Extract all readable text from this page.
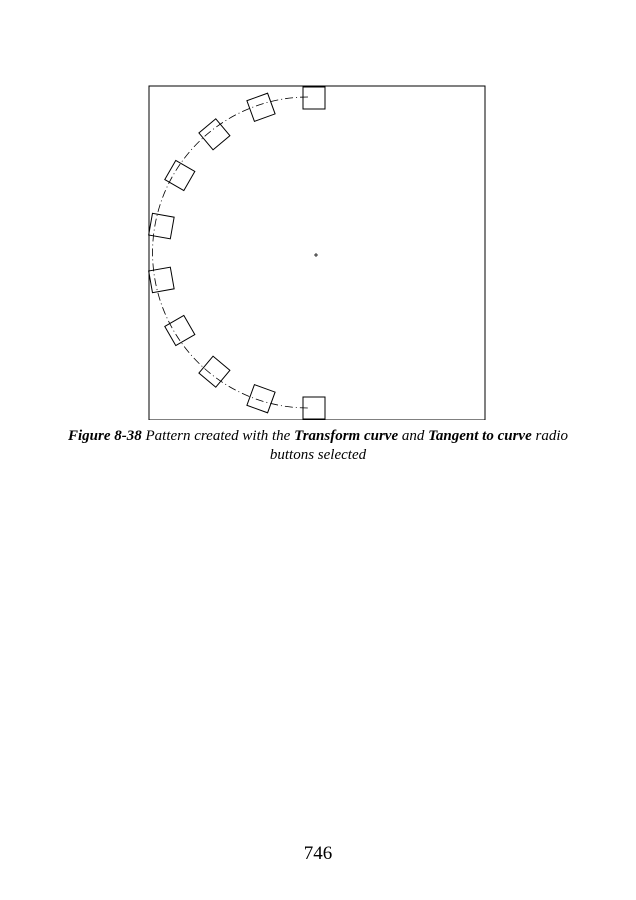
Figure 8-38 Pattern created with the Transform curve and Tangent to curve radio buttons selected
746
